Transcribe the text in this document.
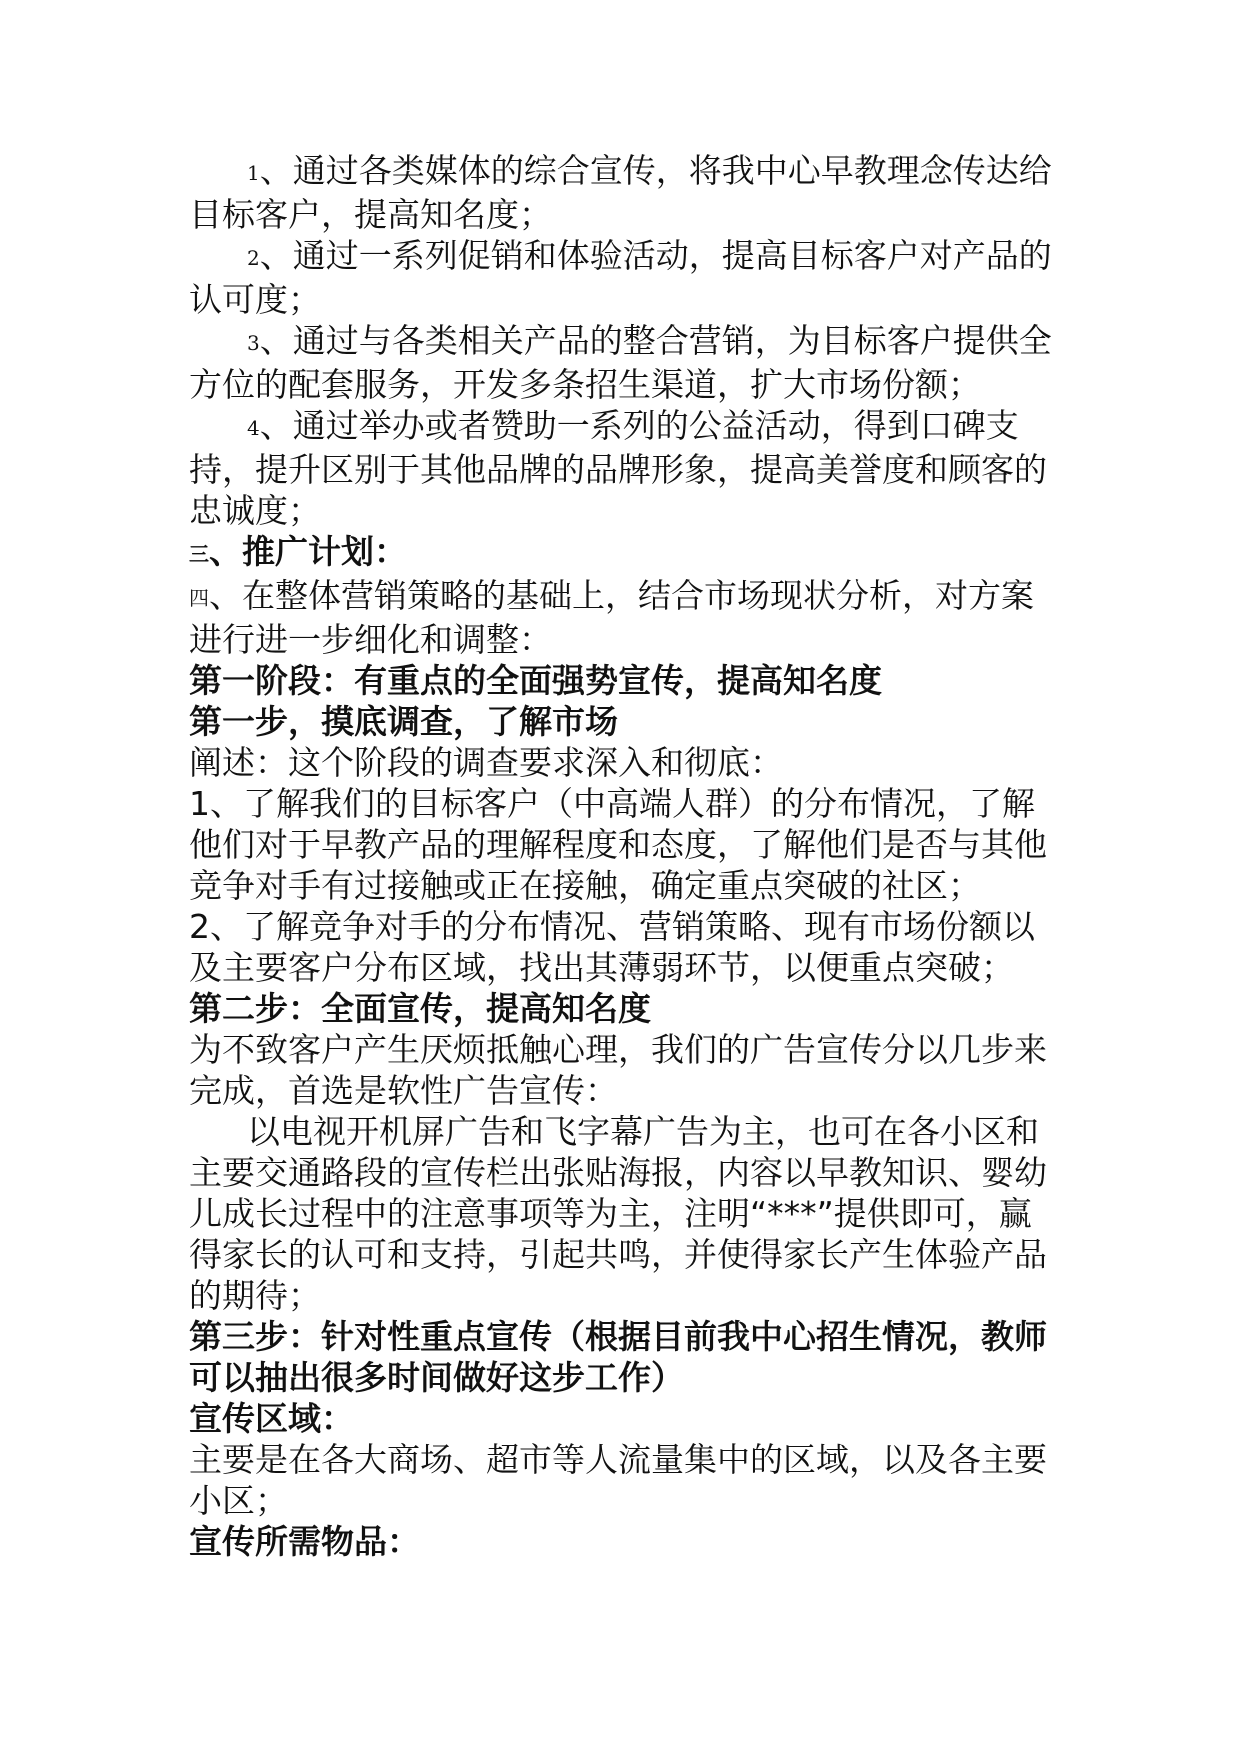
1、通过各类媒体的综合宣传，将我中心早教理念传达给目标客户，提高知名度；

2、通过一系列促销和体验活动，提高目标客户对产品的认可度；

3、通过与各类相关产品的整合营销，为目标客户提供全方位的配套服务，开发多条招生渠道，扩大市场份额；

4、通过举办或者赞助一系列的公益活动，得到口碑支持，提升区别于其他品牌的品牌形象，提高美誉度和顾客的忠诚度；

三、推广计划：

四、在整体营销策略的基础上，结合市场现状分析，对方案进行进一步细化和调整：

第一阶段：有重点的全面强势宣传，提高知名度

第一步，摸底调查，了解市场

阐述：这个阶段的调查要求深入和彻底：

1、了解我们的目标客户（中高端人群）的分布情况，了解他们对于早教产品的理解程度和态度，了解他们是否与其他竞争对手有过接触或正在接触，确定重点突破的社区；

2、了解竞争对手的分布情况、营销策略、现有市场份额以及主要客户分布区域，找出其薄弱环节，以便重点突破；

第二步：全面宣传，提高知名度

为不致客户产生厌烦抵触心理，我们的广告宣传分以几步来完成，首选是软性广告宣传：

以电视开机屏广告和飞字幕广告为主，也可在各小区和主要交通路段的宣传栏出张贴海报，内容以早教知识、婴幼儿成长过程中的注意事项等为主，注明“***”提供即可，赢得家长的认可和支持，引起共鸣，并使得家长产生体验产品的期待；

第三步：针对性重点宣传（根据目前我中心招生情况，教师可以抽出很多时间做好这步工作）

宣传区域：

主要是在各大商场、超市等人流量集中的区域，以及各主要小区；

宣传所需物品：
